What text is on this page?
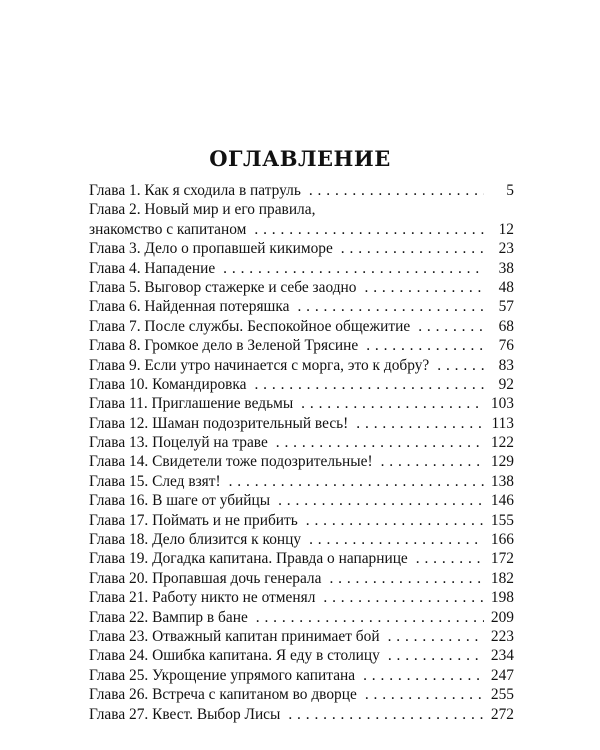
ОГЛАВЛЕНИЕ
Глава 1. Как я сходила в патруль . . .	5
Глава 2. Новый мир и его правила,
знакомство с капитаном . . .	12
Глава 3. Дело о пропавшей кикиморе . . .	23
Глава 4. Нападение . . .	38
Глава 5. Выговор стажерке и себе заодно . . .	48
Глава 6. Найденная потеряшка . . .	57
Глава 7. После службы. Беспокойное общежитие . . .	68
Глава 8. Громкое дело в Зеленой Трясине . . .	76
Глава 9. Если утро начинается с морга, это к добру? . . .	83
Глава 10. Командировка . . .	92
Глава 11. Приглашение ведьмы . . .	103
Глава 12. Шаман подозрительный весь! . . .	113
Глава 13. Поцелуй на траве . . .	122
Глава 14. Свидетели тоже подозрительные! . . .	129
Глава 15. След взят! . . .	138
Глава 16. В шаге от убийцы . . .	146
Глава 17. Поймать и не прибить . . .	155
Глава 18. Дело близится к концу . . .	166
Глава 19. Догадка капитана. Правда о напарнице . . .	172
Глава 20. Пропавшая дочь генерала . . .	182
Глава 21. Работу никто не отменял . . .	198
Глава 22. Вампир в бане . . .	209
Глава 23. Отважный капитан принимает бой . . .	223
Глава 24. Ошибка капитана. Я еду в столицу . . .	234
Глава 25. Укрощение упрямого капитана . . .	247
Глава 26. Встреча с капитаном во дворце . . .	255
Глава 27. Квест. Выбор Лисы . . .	272
